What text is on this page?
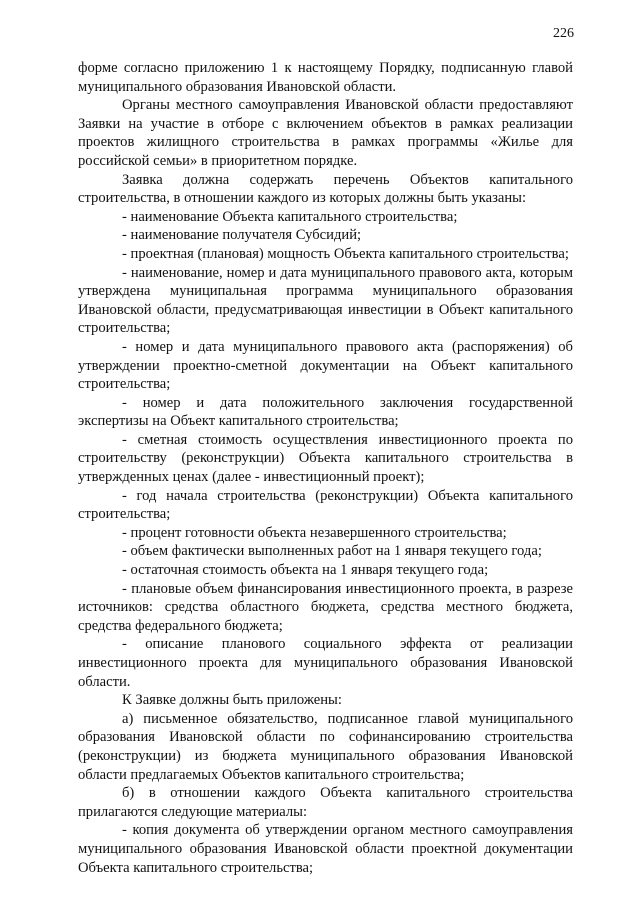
226

форме согласно приложению 1 к настоящему Порядку, подписанную главой муниципального образования Ивановской области.

Органы местного самоуправления Ивановской области предоставляют Заявки на участие в отборе с включением объектов в рамках реализации проектов жилищного строительства в рамках программы «Жилье для российской семьи» в приоритетном порядке.

Заявка должна содержать перечень Объектов капитального строительства, в отношении каждого из которых должны быть указаны:

- наименование Объекта капитального строительства;

- наименование получателя Субсидий;

- проектная (плановая) мощность Объекта капитального строительства;

- наименование, номер и дата муниципального правового акта, которым утверждена муниципальная программа муниципального образования Ивановской области, предусматривающая инвестиции в Объект капитального строительства;

- номер и дата муниципального правового акта (распоряжения) об утверждении проектно-сметной документации на Объект капитального строительства;

- номер и дата положительного заключения государственной экспертизы на Объект капитального строительства;

- сметная стоимость осуществления инвестиционного проекта по строительству (реконструкции) Объекта капитального строительства в утвержденных ценах (далее - инвестиционный проект);

- год начала строительства (реконструкции) Объекта капитального строительства;

- процент готовности объекта незавершенного строительства;

- объем фактически выполненных работ на 1 января текущего года;

- остаточная стоимость объекта на 1 января текущего года;

- плановые объем финансирования инвестиционного проекта, в разрезе источников: средства областного бюджета, средства местного бюджета, средства федерального бюджета;

- описание планового социального эффекта от реализации инвестиционного проекта для муниципального образования Ивановской области.

К Заявке должны быть приложены:

а) письменное обязательство, подписанное главой муниципального образования Ивановской области по софинансированию строительства (реконструкции) из бюджета муниципального образования Ивановской области предлагаемых Объектов капитального строительства;

б) в отношении каждого Объекта капитального строительства прилагаются следующие материалы:

- копия документа об утверждении органом местного самоуправления муниципального образования Ивановской области проектной документации Объекта капитального строительства;
